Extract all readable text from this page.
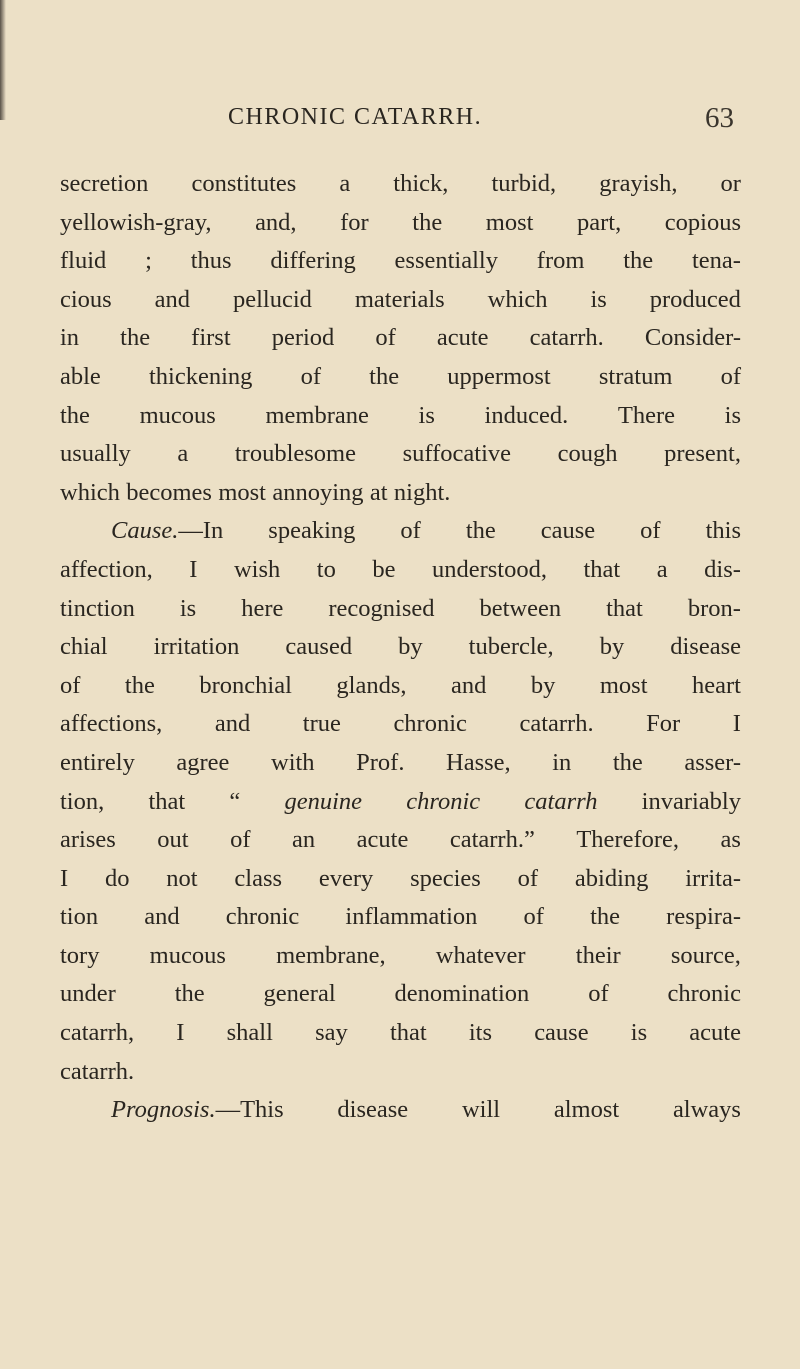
CHRONIC CATARRH.	63
secretion constitutes a thick, turbid, grayish, or
yellowish-gray, and, for the most part, copious
fluid ; thus differing essentially from the tena-
cious and pellucid materials which is produced
in the first period of acute catarrh. Consider-
able thickening of the uppermost stratum of
the mucous membrane is induced. There is
usually a troublesome suffocative cough present,
which becomes most annoying at night.
Cause.—In speaking of the cause of this
affection, I wish to be understood, that a dis-
tinction is here recognised between that bron-
chial irritation caused by tubercle, by disease
of the bronchial glands, and by most heart
affections, and true chronic catarrh. For I
entirely agree with Prof. Hasse, in the asser-
tion, that “ genuine chronic catarrh invariably
arises out of an acute catarrh.” Therefore, as
I do not class every species of abiding irrita-
tion and chronic inflammation of the respira-
tory mucous membrane, whatever their source,
under the general denomination of chronic
catarrh, I shall say that its cause is acute
catarrh.
Prognosis.—This disease will almost always
